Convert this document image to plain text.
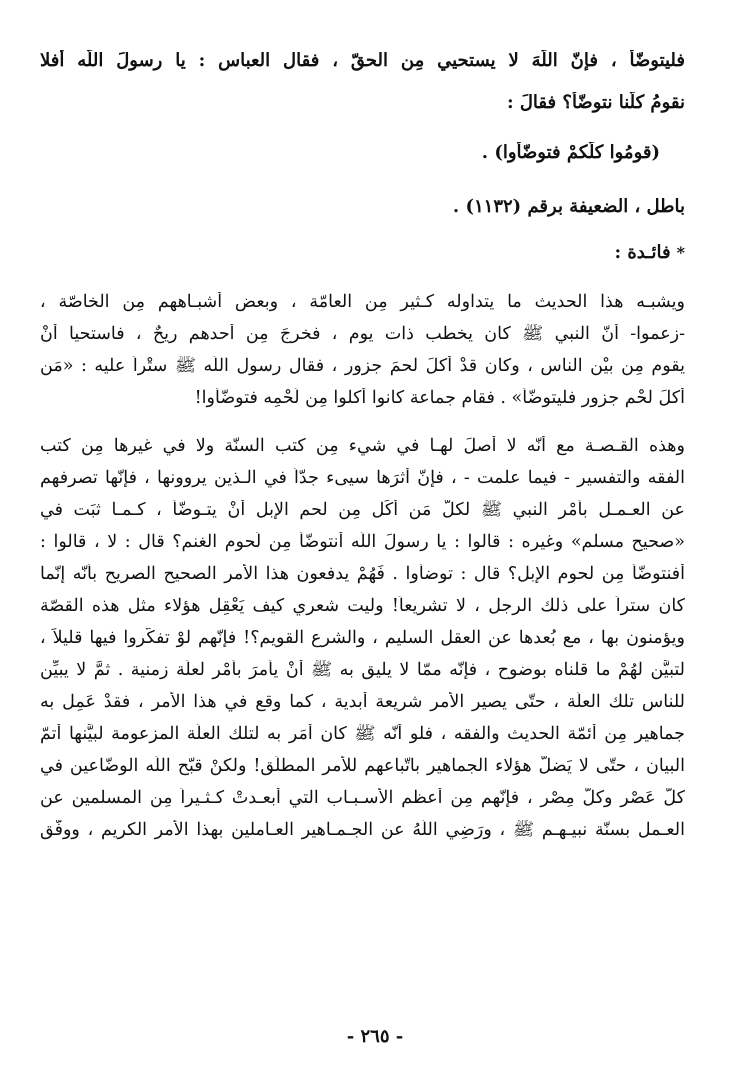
فليتوضّأ ، فإنّ اللّهَ لا يستحيي مِن الحقّ ، فقال العباس : يا رسولَ اللّه أفلا
نقومُ كلُّنا نتوضّأ؟ فقالَ :
(قومُوا كلُّكمْ فتوضّأوا) .
باطل ، الضعيفة برقم (١١٣٢) .
*فائـدة :
ويشبـه هذا الحديث ما يتداوله كـثير مِن العامّة ، وبعض أشبـاههم مِن الخاصّة ،
-زعموا- أنّ النبي ﷺ كان يخطب ذات يوم ، فخرجَ مِن أحدهم ريحٌ ، فاستحيا أنْ
يقوم مِن بيْن الناس ، وكان قدْ أكلَ لحمَ جزور ، فقال رسول اللّه ﷺ ستْراً عليه : «مَن
أكلَ لحْم جزور فليتوضّأ» . فقام جماعة كانوا أكلوا مِن لَحْمِه فتوضّأوا!
وهذه القـصـة مع أنّه لا أصلَ لهـا في شيء مِن كتب السنّة ولا في غيرها مِن كتب
الفقه والتفسير - فيما علمت - ، فإنّ أثرَها سيىء جدّاً في الـذين يروونها ، فإنّها تصرفهم
عن العـمـل بأمْر النبي ﷺ لكلّ مَن أكَل مِن لحم الإبل أنْ يتـوضّأ ، كـمـا ثبَت في
«صحيح مسلم» وغيره : قالوا : يا رسولَ اللّه أنتوضّأ مِن لُحوم الغنم؟ قال : لا ، قالوا :
أفنتوضّأ مِن لحوم الإبل؟ قال : توضأوا . فَهُمْ يدفعون هذا الأمر الصحيح الصريح بأنّه إنّما
كان ستراً على ذلك الرجل ، لا تشريعاً! وليت شعري كيف يَعْقِل هؤلاء مثل هذه القصّة
ويؤمنون بها ، مع بُعدها عن العقل السليم ، والشرع القويم؟! فإنّهم لوْ تفكّروا فيها قليلاً ،
لتبيَّن لهُمْ ما قلناه بوضوح ، فإنّه ممّا لا يليق به ﷺ أنْ يأمرَ بأمْر لعلّة زمنية . ثمَّ لا يبيِّن
للناس تلك العلّة ، حتّى يصير الأمر شريعة أبدية ، كما وقع في هذا الأمر ، فقدْ عَمِل به
جماهير مِن أئمّة الحديث والفقه ، فلو أنّه ﷺ كان أمَر به لتلك العلّة المزعومة لبيَّنها أتمّ
البيان ، حتّى لا يَضلّ هؤلاء الجماهير باتّباعهم للأمر المطلَق! ولكنْ قبّح اللّه الوضّاعين في
كلّ عَصْر وكلّ مِصْر ، فإنّهم مِن أعظم الأسـبـاب التي أبعـدتْ كـثـيراً مِن المسلمين عن
العـمل بسنّة نبيـهـم ﷺ ، ورَضِي اللّهُ عن الجـمـاهير العـاملين بهذا الأمر الكريم ، ووفّق
- ٢٦٥ -
